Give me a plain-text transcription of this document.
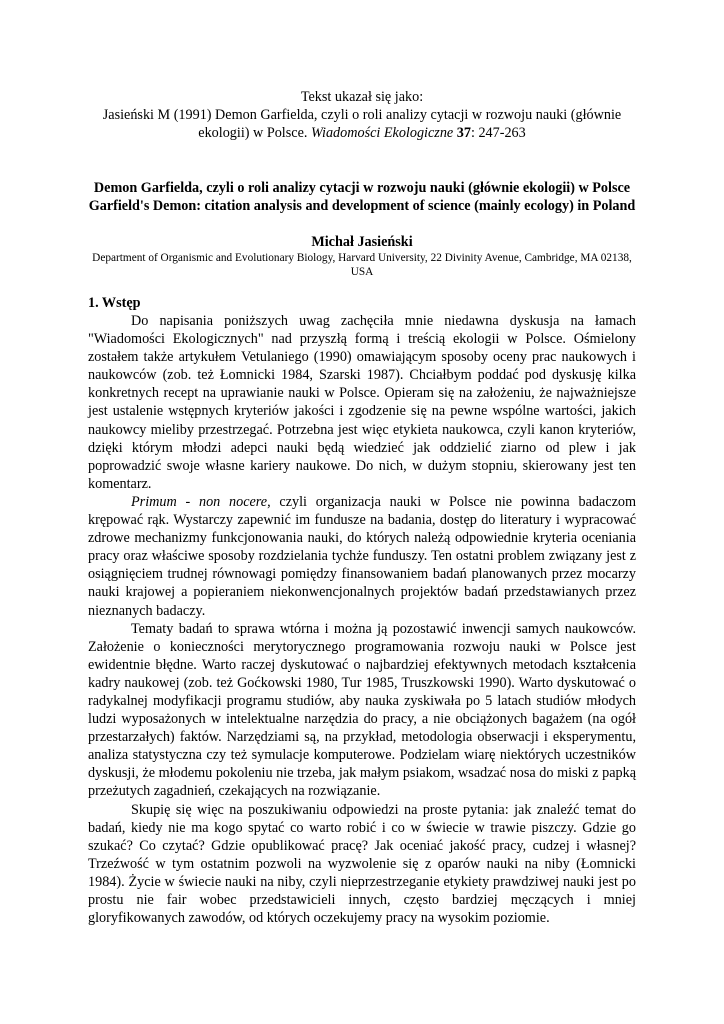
Tekst ukazał się jako:
Jasieński M (1991) Demon Garfielda, czyli o roli analizy cytacji w rozwoju nauki (głównie ekologii) w Polsce. Wiadomości Ekologiczne 37: 247-263
Demon Garfielda, czyli o roli analizy cytacji w rozwoju nauki (głównie ekologii) w Polsce
Garfield's Demon: citation analysis and development of science (mainly ecology) in Poland
Michał Jasieński
Department of Organismic and Evolutionary Biology, Harvard University, 22 Divinity Avenue, Cambridge, MA 02138, USA
1. Wstęp

Do napisania poniższych uwag zachęciła mnie niedawna dyskusja na łamach "Wiadomości Ekologicznych" nad przyszłą formą i treścią ekologii w Polsce. Ośmielony zostałem także artykułem Vetulaniego (1990) omawiającym sposoby oceny prac naukowych i naukowców (zob. też Łomnicki 1984, Szarski 1987). Chciałbym poddać pod dyskusję kilka konkretnych recept na uprawianie nauki w Polsce. Opieram się na założeniu, że najważniejsze jest ustalenie wstępnych kryteriów jakości i zgodzenie się na pewne wspólne wartości, jakich naukowcy mieliby przestrzegać. Potrzebna jest więc etykieta naukowca, czyli kanon kryteriów, dzięki którym młodzi adepci nauki będą wiedzieć jak oddzielić ziarno od plew i jak poprowadzić swoje własne kariery naukowe. Do nich, w dużym stopniu, skierowany jest ten komentarz.

Primum - non nocere, czyli organizacja nauki w Polsce nie powinna badaczom krępować rąk. Wystarczy zapewnić im fundusze na badania, dostęp do literatury i wypracować zdrowe mechanizmy funkcjonowania nauki, do których należą odpowiednie kryteria oceniania pracy oraz właściwe sposoby rozdzielania tychże funduszy. Ten ostatni problem związany jest z osiągnięciem trudnej równowagi pomiędzy finansowaniem badań planowanych przez mocarzy nauki krajowej a popieraniem niekonwencjonalnych projektów badań przedstawianych przez nieznanych badaczy.

Tematy badań to sprawa wtórna i można ją pozostawić inwencji samych naukowców. Założenie o konieczności merytorycznego programowania rozwoju nauki w Polsce jest ewidentnie błędne. Warto raczej dyskutować o najbardziej efektywnych metodach kształcenia kadry naukowej (zob. też Gоćkowski 1980, Tur 1985, Truszkowski 1990). Warto dyskutować o radykalnej modyfikacji programu studiów, aby nauka zyskiwała po 5 latach studiów młodych ludzi wyposażonych w intelektualne narzędzia do pracy, a nie obciążonych bagażem (na ogół przestarzałych) faktów. Narzędziami są, na przykład, metodologia obserwacji i eksperymentu, analiza statystyczna czy też symulacje komputerowe. Podzielam wiarę niektórych uczestników dyskusji, że młodemu pokoleniu nie trzeba, jak małym psiakom, wsadzać nosa do miski z papką przeżutych zagadnień, czekających na rozwiązanie.

Skupię się więc na poszukiwaniu odpowiedzi na proste pytania: jak znaleźć temat do badań, kiedy nie ma kogo spytać co warto robić i co w świecie w trawie piszczy. Gdzie go szukać? Co czytać? Gdzie opublikować pracę? Jak oceniać jakość pracy, cudzej i własnej? Trzeźwość w tym ostatnim pozwoli na wyzwolenie się z oparów nauki na niby (Łomnicki 1984). Życie w świecie nauki na niby, czyli nieprzestrzeganie etykiety prawdziwej nauki jest po prostu nie fair wobec przedstawicieli innych, często bardziej męczących i mniej gloryfikowanych zawodów, od których oczekujemy pracy na wysokim poziomie.
